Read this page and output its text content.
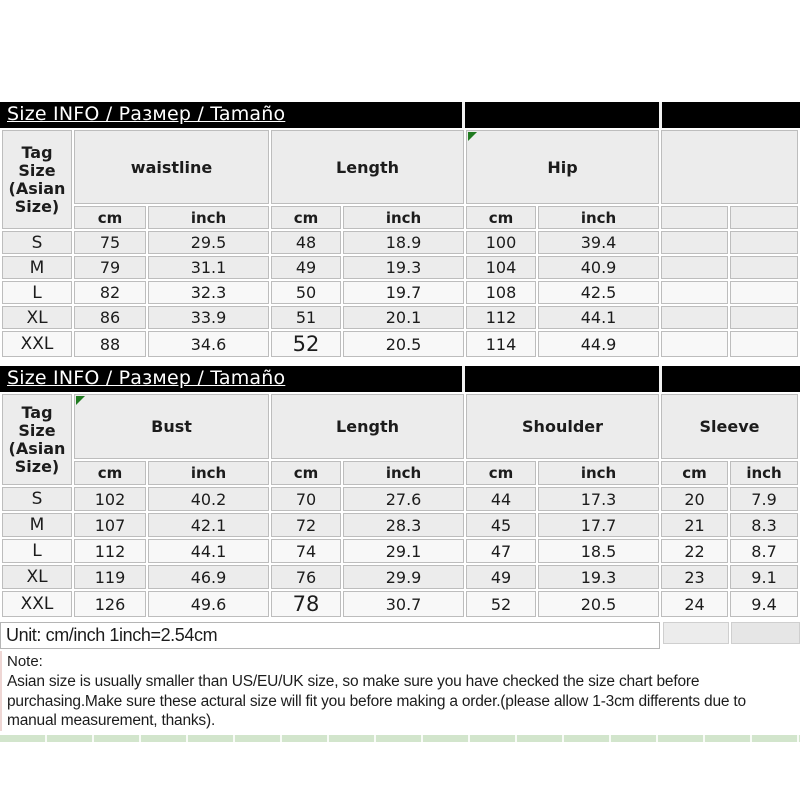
Size INFO / Размер / Tamaño
Tag Size (Asian Size)	waistline		Length		Hip			
	cm	inch	cm	inch	cm	inch		
S	75	29.5	48	18.9	100	39.4		
M	79	31.1	49	19.3	104	40.9		
L	82	32.3	50	19.7	108	42.5		
XL	86	33.9	51	20.1	112	44.1		
XXL	88	34.6	52	20.5	114	44.9		
Size INFO / Размер / Tamaño
Tag Size (Asian Size)	Bust		Length		Shoulder		Sleeve	
	cm	inch	cm	inch	cm	inch	cm	inch
S	102	40.2	70	27.6	44	17.3	20	7.9
M	107	42.1	72	28.3	45	17.7	21	8.3
L	112	44.1	74	29.1	47	18.5	22	8.7
XL	119	46.9	76	29.9	49	19.3	23	9.1
XXL	126	49.6	78	30.7	52	20.5	24	9.4
Unit: cm/inch 1inch=2.54cm
Note:
Asian size is usually smaller than US/EU/UK size, so make sure you have checked the size chart before purchasing.Make sure these actural size will fit you before making a order.(please allow 1-3cm differents due to manual measurement, thanks).
